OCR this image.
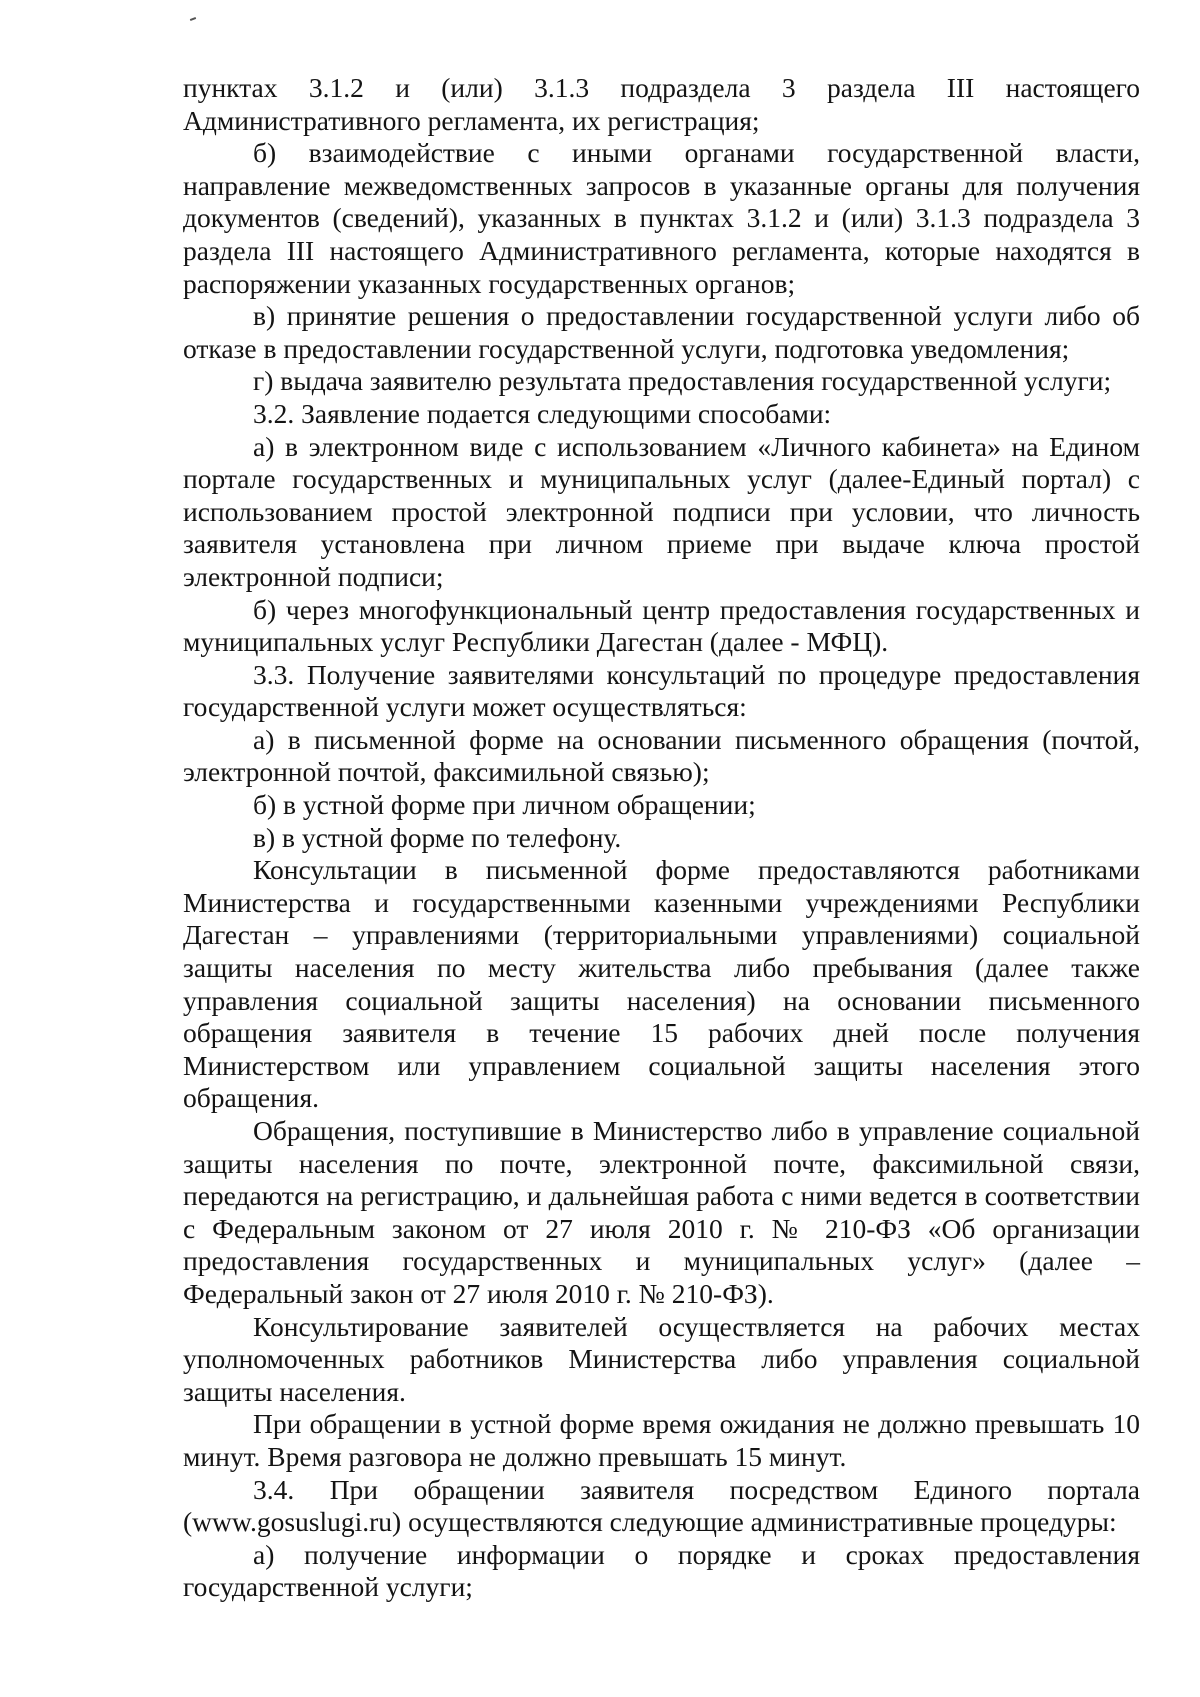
пунктах 3.1.2 и (или) 3.1.3 подраздела 3 раздела III настоящего Административного регламента, их регистрация;

б) взаимодействие с иными органами государственной власти, направление межведомственных запросов в указанные органы для получения документов (сведений), указанных в пунктах 3.1.2 и (или) 3.1.3 подраздела 3 раздела III настоящего Административного регламента, которые находятся в распоряжении указанных государственных органов;

в) принятие решения о предоставлении государственной услуги либо об отказе в предоставлении государственной услуги, подготовка уведомления;

г) выдача заявителю результата предоставления государственной услуги;

3.2. Заявление подается следующими способами:

а) в электронном виде с использованием «Личного кабинета» на Едином портале государственных и муниципальных услуг (далее-Единый портал) с использованием простой электронной подписи при условии, что личность заявителя установлена при личном приеме при выдаче ключа простой электронной подписи;

б) через многофункциональный центр предоставления государственных и муниципальных услуг Республики Дагестан (далее - МФЦ).

3.3. Получение заявителями консультаций по процедуре предоставления государственной услуги может осуществляться:

а) в письменной форме на основании письменного обращения (почтой, электронной почтой, факсимильной связью);

б) в устной форме при личном обращении;

в) в устной форме по телефону.

Консультации в письменной форме предоставляются работниками Министерства и государственными казенными учреждениями Республики Дагестан – управлениями (территориальными управлениями) социальной защиты населения по месту жительства либо пребывания (далее также управления социальной защиты населения) на основании письменного обращения заявителя в течение 15 рабочих дней после получения Министерством или управлением социальной защиты населения этого обращения.

Обращения, поступившие в Министерство либо в управление социальной защиты населения по почте, электронной почте, факсимильной связи, передаются на регистрацию, и дальнейшая работа с ними ведется в соответствии с Федеральным законом от 27 июля 2010 г. № 210-ФЗ «Об организации предоставления государственных и муниципальных услуг» (далее – Федеральный закон от 27 июля 2010 г. № 210-ФЗ).

Консультирование заявителей осуществляется на рабочих местах уполномоченных работников Министерства либо управления социальной защиты населения.

При обращении в устной форме время ожидания не должно превышать 10 минут. Время разговора не должно превышать 15 минут.

3.4. При обращении заявителя посредством Единого портала (www.gosuslugi.ru) осуществляются следующие административные процедуры:

а) получение информации о порядке и сроках предоставления государственной услуги;
